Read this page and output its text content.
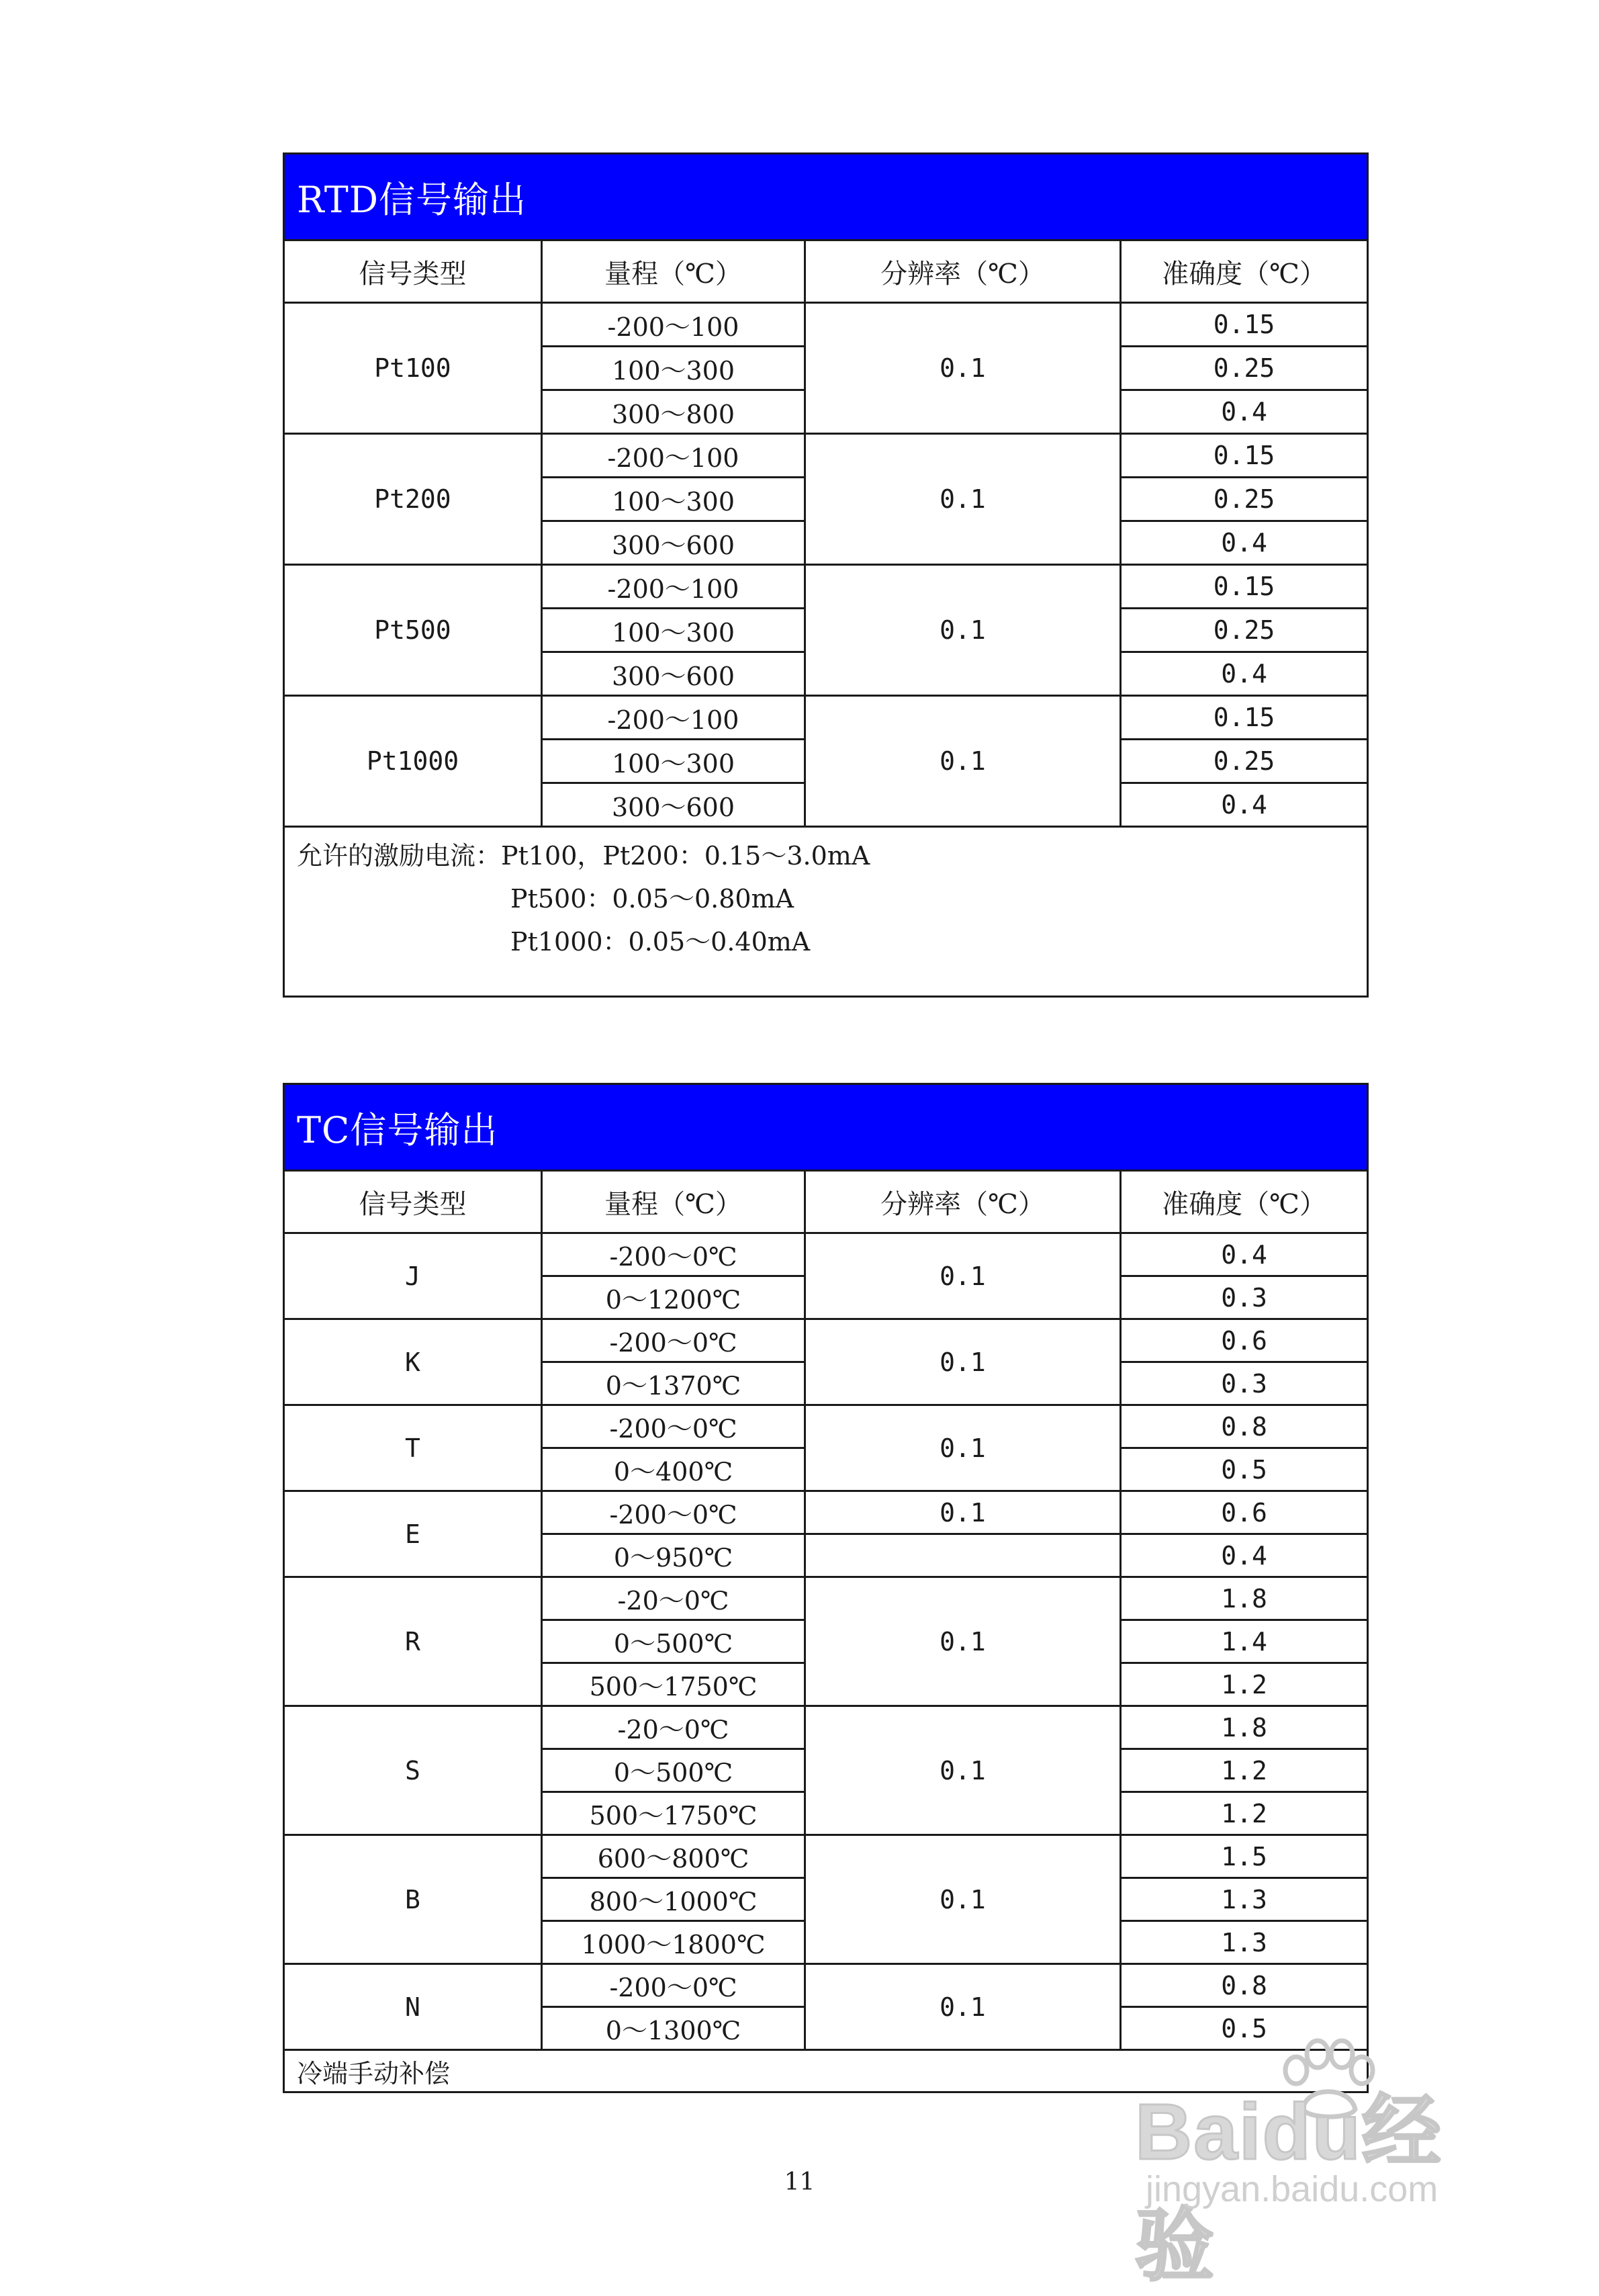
RTD信号输出			
信号类型	量程（℃）	分辨率（℃）	准确度（℃）
Pt100	-200～100	0.1	0.15
	100～300		0.25
	300～800		0.4
Pt200	-200～100	0.1	0.15
	100～300		0.25
	300～600		0.4
Pt500	-200～100	0.1	0.15
	100～300		0.25
	300～600		0.4
Pt1000	-200～100	0.1	0.15
	100～300		0.25
	300～600		0.4

允许的激励电流：Pt100，Pt200：0.15～3.0mA
Pt500：0.05～0.80mA
Pt1000：0.05～0.40mA			
TC信号输出			
信号类型	量程（℃）	分辨率（℃）	准确度（℃）
J	-200～0℃	0.1	0.4
	0～1200℃		0.3
K	-200～0℃	0.1	0.6
	0～1370℃		0.3
T	-200～0℃	0.1	0.8
	0～400℃		0.5
E	-200～0℃	0.1	0.6
	0～950℃		0.4
R	-20～0℃	0.1	1.8
	0～500℃		1.4
	500～1750℃		1.2
S	-20～0℃	0.1	1.8
	0～500℃		1.2
	500～1750℃		1.2
B	600～800℃	0.1	1.5
	800～1000℃		1.3
	1000～1800℃		1.3
N	-200～0℃	0.1	0.8
	0～1300℃		0.5
冷端手动补偿			
11
Baidu经验
jingyan.baidu.com
